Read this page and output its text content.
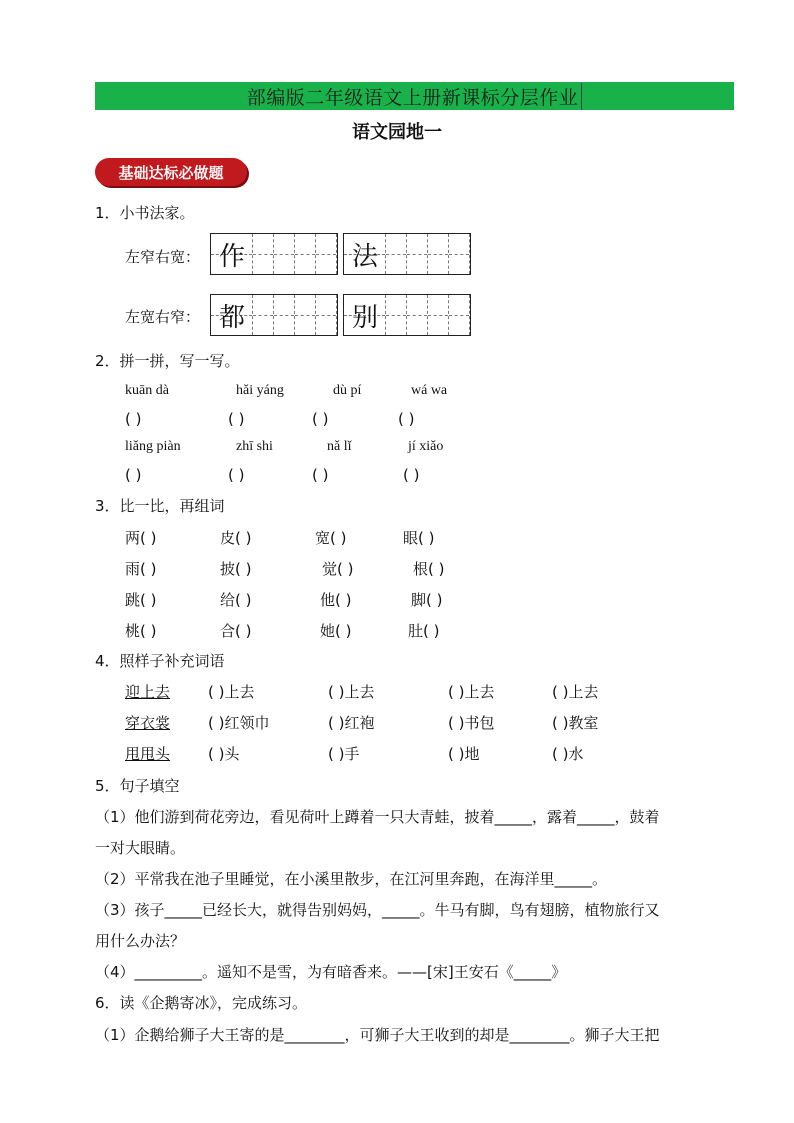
部编版二年级语文上册新课标分层作业
语文园地一
基础达标必做题
1．小书法家。
左窄右宽：
左宽右窄：
作	法
都	别
2．拼一拼，写一写。
kuān dà	hǎi yáng	dù pí	wá wa
( )	( )	( )	( )
liǎng piàn	zhī shi	nǎ lǐ	jí xiǎo
( )	( )	( )	( )
3．比一比，再组词
两( )	皮( )	宽( )	眼( )
雨( )	披( )	觉( )	根( )
跳( )	给( )	他( )	脚( )
桃( )	合( )	她( )	肚( )
4．照样子补充词语
迎上去	( )上去	( )上去	( )上去	( )上去
穿衣裳	( )红领巾	( )红袍	( )书包	( )教室
甩甩头	( )头	( )手	( )地	( )水
5．句子填空
（1）他们游到荷花旁边，看见荷叶上蹲着一只大青蛙，披着_____，露着_____，鼓着
一对大眼睛。
（2）平常我在池子里睡觉，在小溪里散步，在江河里奔跑，在海洋里_____。
（3）孩子_____已经长大，就得告别妈妈，_____。牛马有脚，鸟有翅膀，植物旅行又
用什么办法？
（4）_________。遥知不是雪，为有暗香来。——[宋]王安石《_____》
6．读《企鹅寄冰》，完成练习。
（1）企鹅给狮子大王寄的是________，可狮子大王收到的却是________。狮子大王把
